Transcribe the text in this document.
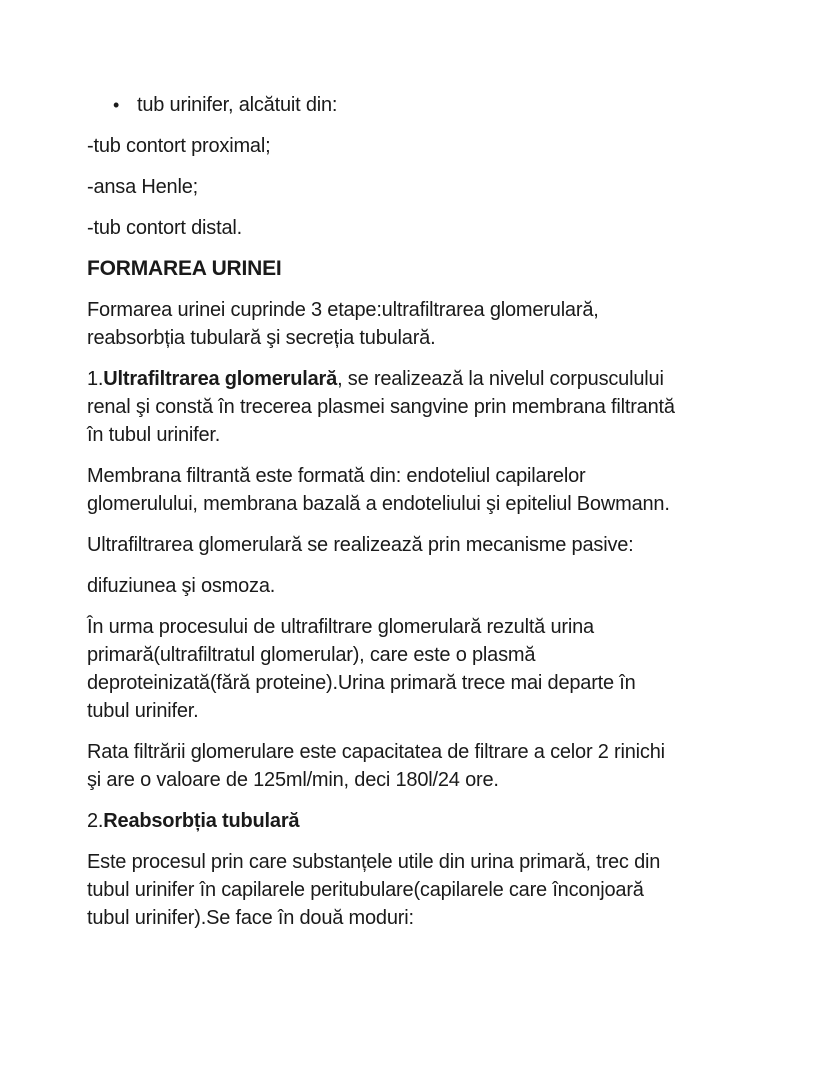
• tub urinifer, alcătuit din:
-tub contort proximal;
-ansa Henle;
-tub contort distal.
FORMAREA URINEI
Formarea urinei cuprinde 3 etape:ultrafiltrarea glomerulară,
reabsorbția tubulară şi secreția tubulară.
1.Ultrafiltrarea glomerulară, se realizează la nivelul corpusculului
renal şi constă în trecerea plasmei sangvine prin membrana filtrantă
în tubul urinifer.
Membrana filtrantă este formată din: endoteliul capilarelor
glomerulului, membrana bazală a endoteliului şi epiteliul Bowmann.
Ultrafiltrarea glomerulară se realizează prin mecanisme pasive:
difuziunea şi osmoza.
În urma procesului de ultrafiltrare glomerulară rezultă urina
primară(ultrafiltratul glomerular), care este o plasmă
deproteinizată(fără proteine).Urina primară trece mai departe în
tubul urinifer.
Rata filtrării glomerulare este capacitatea de filtrare a celor 2 rinichi
şi are o valoare de 125ml/min, deci 180l/24 ore.
2.Reabsorbția tubulară
Este procesul prin care substanțele utile din urina primară, trec din
tubul urinifer în capilarele peritubulare(capilarele care înconjoară
tubul urinifer).Se face în două moduri:
